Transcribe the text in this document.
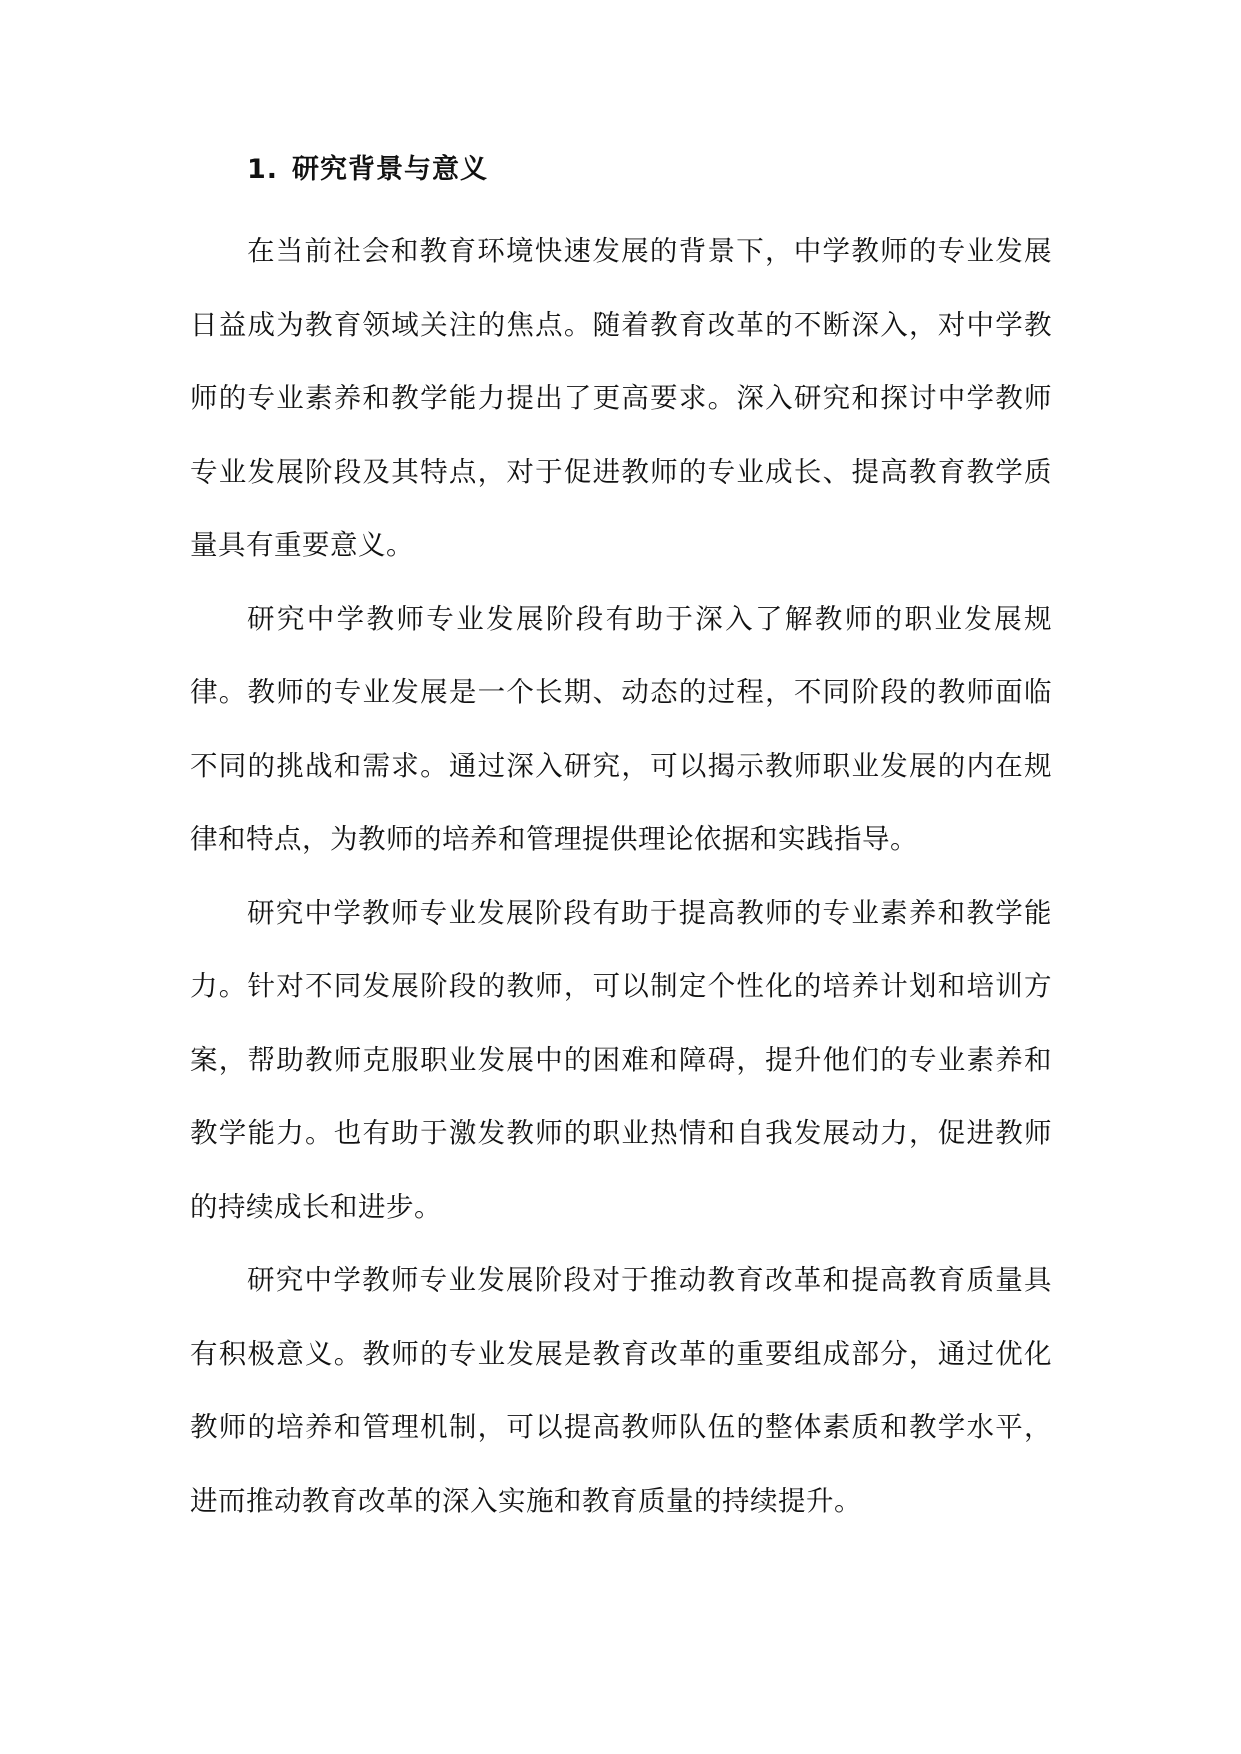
1. 研究背景与意义

在当前社会和教育环境快速发展的背景下，中学教师的专业发展日益成为教育领域关注的焦点。随着教育改革的不断深入，对中学教师的专业素养和教学能力提出了更高要求。深入研究和探讨中学教师专业发展阶段及其特点，对于促进教师的专业成长、提高教育教学质量具有重要意义。

研究中学教师专业发展阶段有助于深入了解教师的职业发展规律。教师的专业发展是一个长期、动态的过程，不同阶段的教师面临不同的挑战和需求。通过深入研究，可以揭示教师职业发展的内在规律和特点，为教师的培养和管理提供理论依据和实践指导。

研究中学教师专业发展阶段有助于提高教师的专业素养和教学能力。针对不同发展阶段的教师，可以制定个性化的培养计划和培训方案，帮助教师克服职业发展中的困难和障碍，提升他们的专业素养和教学能力。也有助于激发教师的职业热情和自我发展动力，促进教师的持续成长和进步。

研究中学教师专业发展阶段对于推动教育改革和提高教育质量具有积极意义。教师的专业发展是教育改革的重要组成部分，通过优化教师的培养和管理机制，可以提高教师队伍的整体素质和教学水平，进而推动教育改革的深入实施和教育质量的持续提升。
